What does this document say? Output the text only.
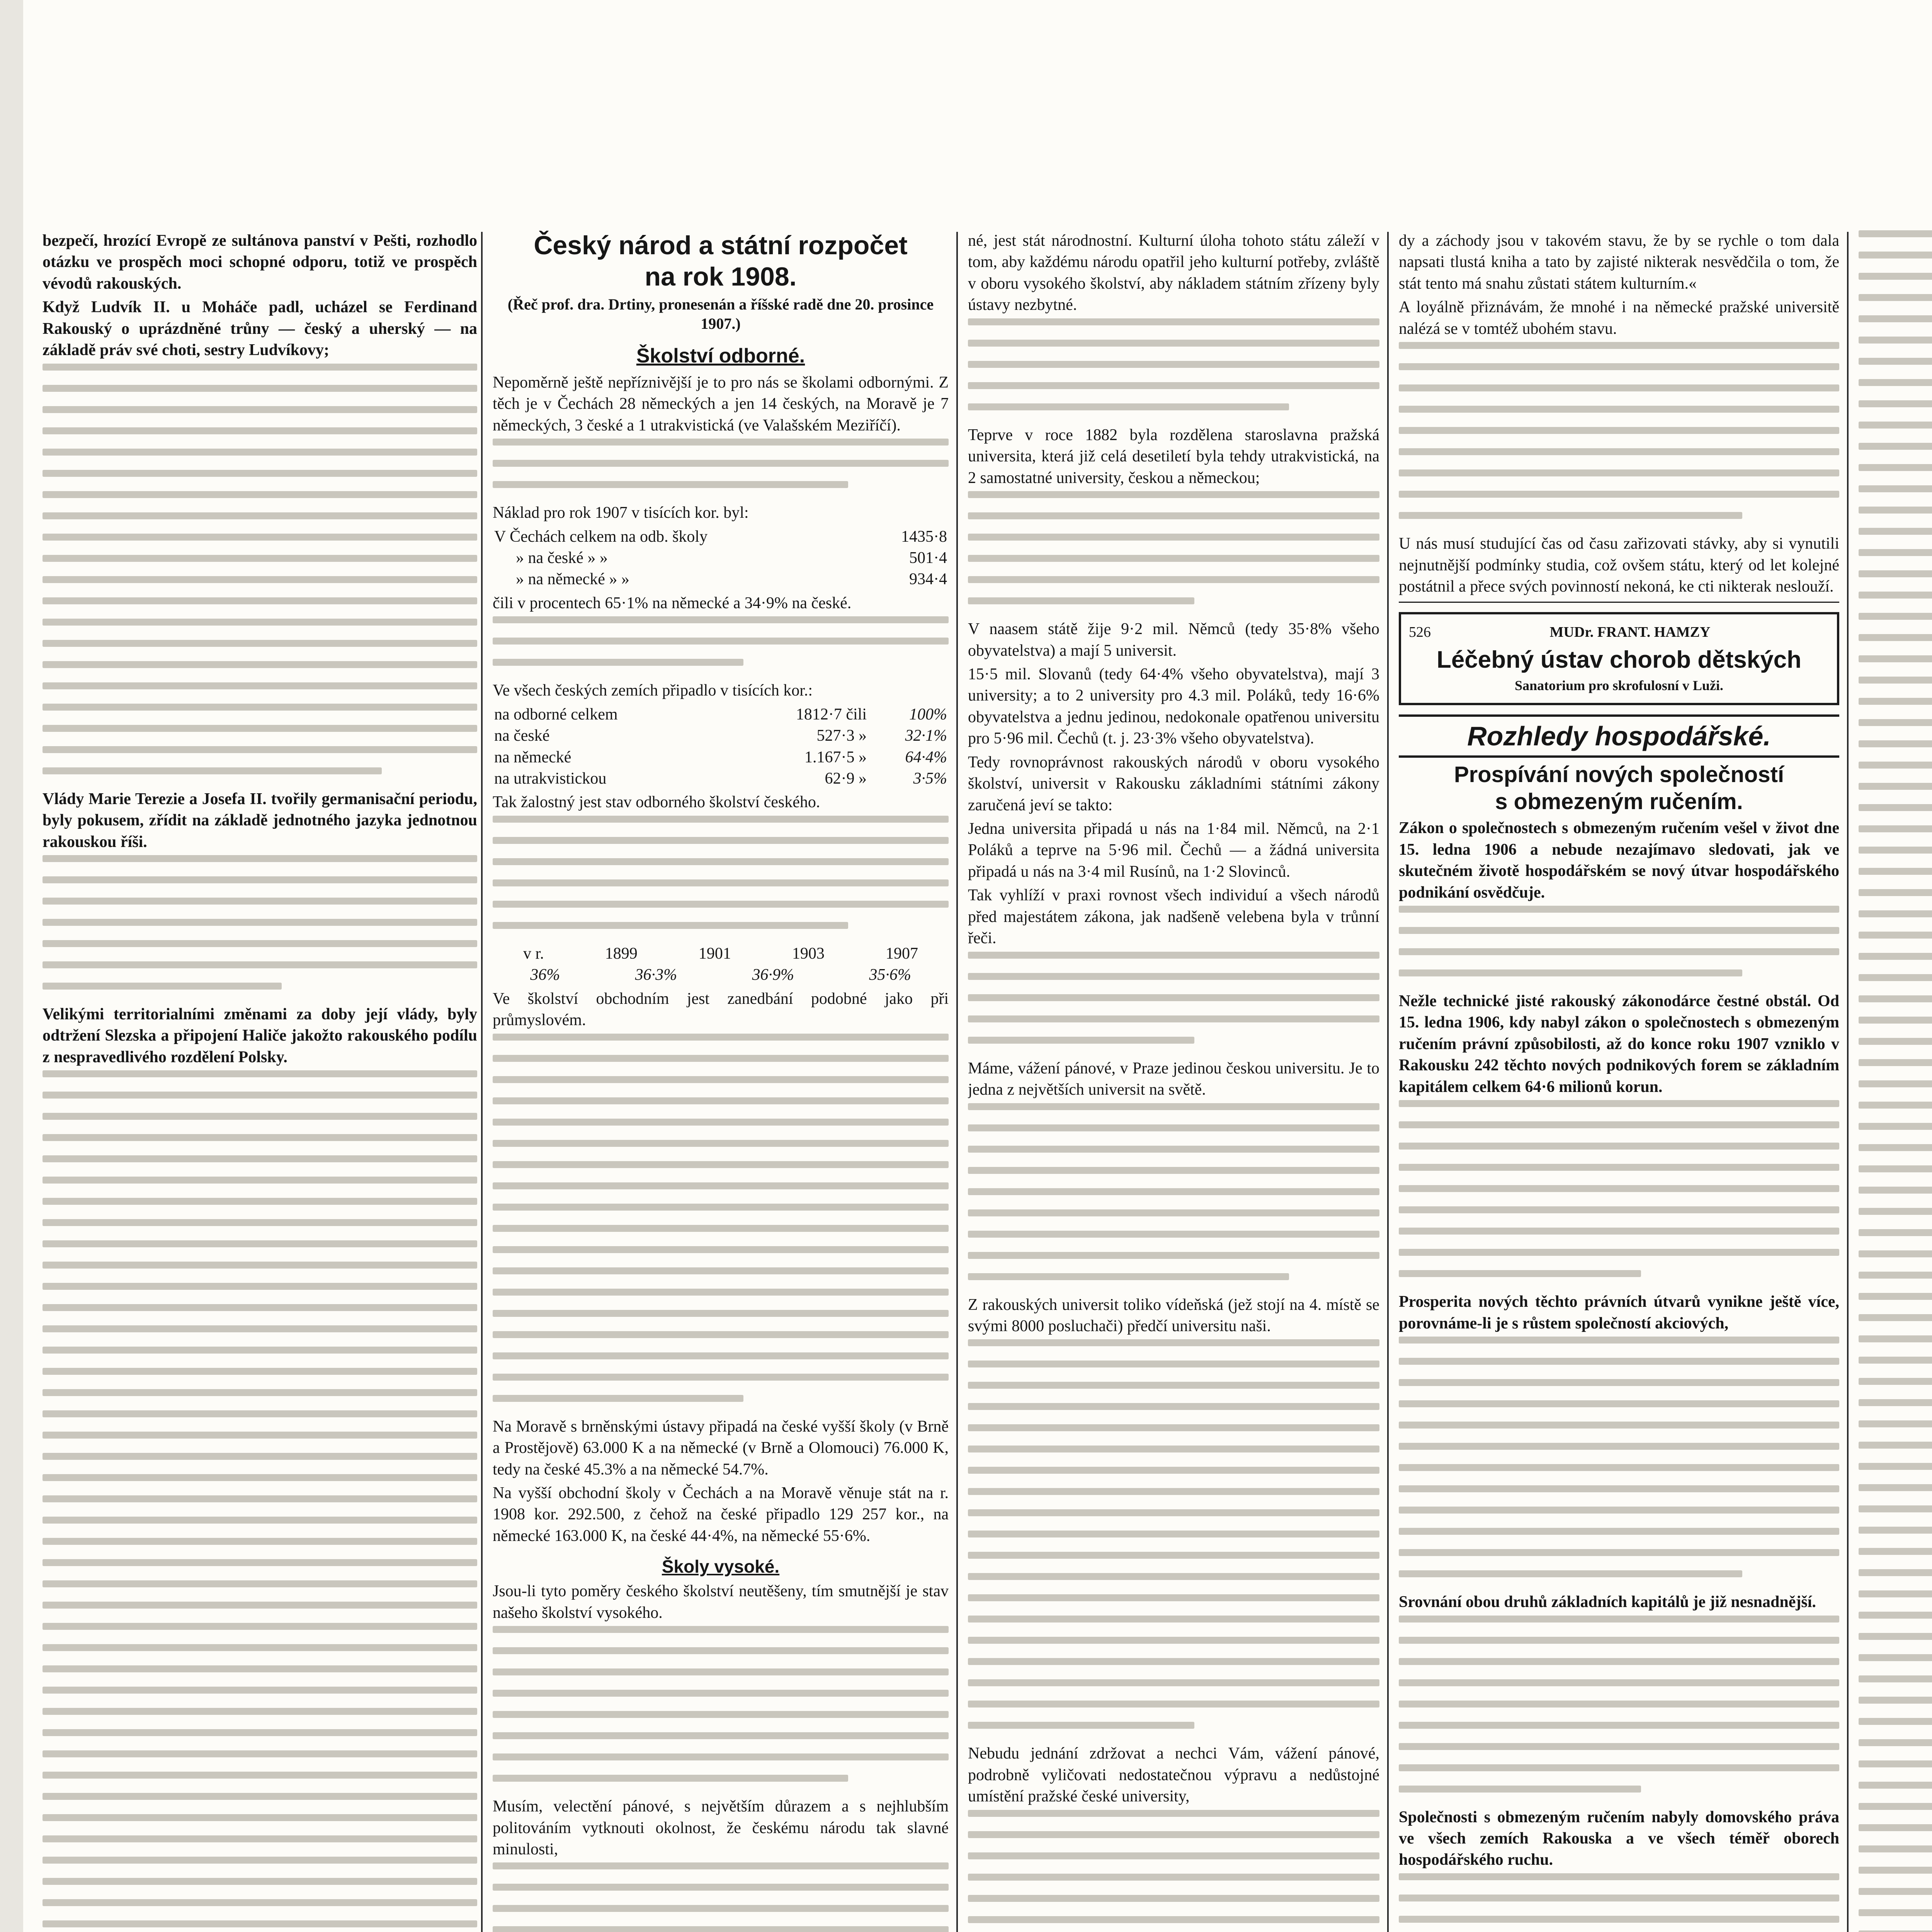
bezpečí, hrozící Evropě ze sultánova panství v Pešti, rozhodlo otázku ve prospěch moci schopné odporu, totiž ve prospěch vévodů rakouských.
Když Ludvík II. u Moháče padl, ucházel se Ferdinand Rakouský o uprázdněné trůny — český a uherský — na základě práv své choti, sestry Ludvíkovy;
Vlády Marie Terezie a Josefa II. tvořily germanisační periodu, byly pokusem, zřídit na základě jednotného jazyka jednotnou rakouskou říši.
Velikými territorialními změnami za doby její vlády, byly odtržení Slezska a připojení Haliče jakožto rakouského podílu z nespravedlivého rozdělení Polsky.
Český národ a státní rozpočet
na rok 1908.
(Řeč prof. dra. Drtiny, pronesenán a říšské radě dne 20. prosince 1907.)
Školství odborné.
Nepoměrně ještě nepříznivější je to pro nás se školami odbornými. Z těch je v Čechách 28 německých a jen 14 českých, na Moravě je 7 německých, 3 české a 1 utrakvistická (ve Valašském Meziříčí).
Náklad pro rok 1907 v tisících kor. byl:
V Čechách celkem na odb. školy	1435·8
» na české » »	501·4
» na německé » »	934·4
čili v procentech 65·1% na německé a 34·9% na české.
Ve všech českých zemích připadlo v tisících kor.:
na odborné celkem	1812·7 čili	100%
na české	527·3 »	32·1%
na německé	1.167·5 »	64·4%
na utrakvistickou	62·9 »	3·5%
Tak žalostný jest stav odborného školství českého.
v r.	1899	1901	1903	1907
36%	36·3%	36·9%	35·6%
Ve školství obchodním jest zanedbání podobné jako při průmyslovém.
Na Moravě s brněnskými ústavy připadá na české vyšší školy (v Brně a Prostějově) 63.000 K a na německé (v Brně a Olomouci) 76.000 K, tedy na české 45.3% a na německé 54.7%.
Na vyšší obchodní školy v Čechách a na Moravě věnuje stát na r. 1908 kor. 292.500, z čehož na české připadlo 129 257 kor., na německé 163.000 K, na české 44·4%, na německé 55·6%.
Školy vysoké.
Jsou-li tyto poměry českého školství neutěšeny, tím smutnější je stav našeho školství vysokého.
Musím, velectění pánové, s největším důrazem a s nejhlubším politováním vytknouti okolnost, že českému národu tak slavné minulosti,
né, jest stát národnostní. Kulturní úloha tohoto státu záleží v tom, aby každému národu opatřil jeho kulturní potřeby, zvláště v oboru vysokého školství, aby nákladem státním zřízeny byly ústavy nezbytné.
Teprve v roce 1882 byla rozdělena staroslavna pražská universita, která již celá desetiletí byla tehdy utrakvistická, na 2 samostatné university, českou a německou;
V naasem státě žije 9·2 mil. Němců (tedy 35·8% všeho obyvatelstva) a mají 5 universit.
15·5 mil. Slovanů (tedy 64·4% všeho obyvatelstva), mají 3 university; a to 2 university pro 4.3 mil. Poláků, tedy 16·6% obyvatelstva a jednu jedinou, nedokonale opatřenou universitu pro 5·96 mil. Čechů (t. j. 23·3% všeho obyvatelstva).
Tedy rovnoprávnost rakouských národů v oboru vysokého školství, universit v Rakousku základními státními zákony zaručená jeví se takto:
Jedna universita připadá u nás na 1·84 mil. Němců, na 2·1 Poláků a teprve na 5·96 mil. Čechů — a žádná universita připadá u nás na 3·4 mil Rusínů, na 1·2 Slovinců.
Tak vyhlíží v praxi rovnost všech individuí a všech národů před majestátem zákona, jak nadšeně velebena byla v trůnní řeči.
Máme, vážení pánové, v Praze jedinou českou universitu. Je to jedna z největších universit na světě.
Z rakouských universit toliko vídeňská (jež stojí na 4. místě se svými 8000 posluchači) předčí universitu naši.
Nebudu jednání zdržovat a nechci Vám, vážení pánové, podrobně vyličovati nedostatečnou výpravu a nedůstojné umístění pražské české university,
dy a záchody jsou v takovém stavu, že by se rychle o tom dala napsati tlustá kniha a tato by zajisté nikterak nesvědčila o tom, že stát tento má snahu zůstati státem kulturním.«
A loyálně přiznávám, že mnohé i na německé pražské universitě nalézá se v tomtéž ubohém stavu.
U nás musí studující čas od času zařizovati stávky, aby si vynutili nejnutnější podmínky studia, což ovšem státu, který od let kolejné postátnil a přece svých povinností nekoná, ke cti nikterak neslouží.
526	MUDr. FRANT. HAMZY
Léčebný ústav chorob dětských
Sanatorium pro skrofulosní v Luži.
Rozhledy hospodářské.
Prospívání nových společností
s obmezeným ručením.
Zákon o společnostech s obmezeným ručením vešel v život dne 15. ledna 1906 a nebude nezajímavo sledovati, jak ve skutečném životě hospodářském se nový útvar hospodářského podnikání osvědčuje.
Nežle technické jisté rakouský zákonodárce čestné obstál. Od 15. ledna 1906, kdy nabyl zákon o společnostech s obmezeným ručením právní způsobilosti, až do konce roku 1907 vzniklo v Rakousku 242 těchto nových podnikových forem se základním kapitálem celkem 64·6 milionů korun.
Prosperita nových těchto právních útvarů vynikne ještě více, porovnáme-li je s růstem společností akciových,
Srovnání obou druhů základních kapitálů je již nesnadnější.
Společnosti s obmezeným ručením nabyly domovského práva ve všech zemích Rakouska a ve všech téměř oborech hospodářského ruchu.
